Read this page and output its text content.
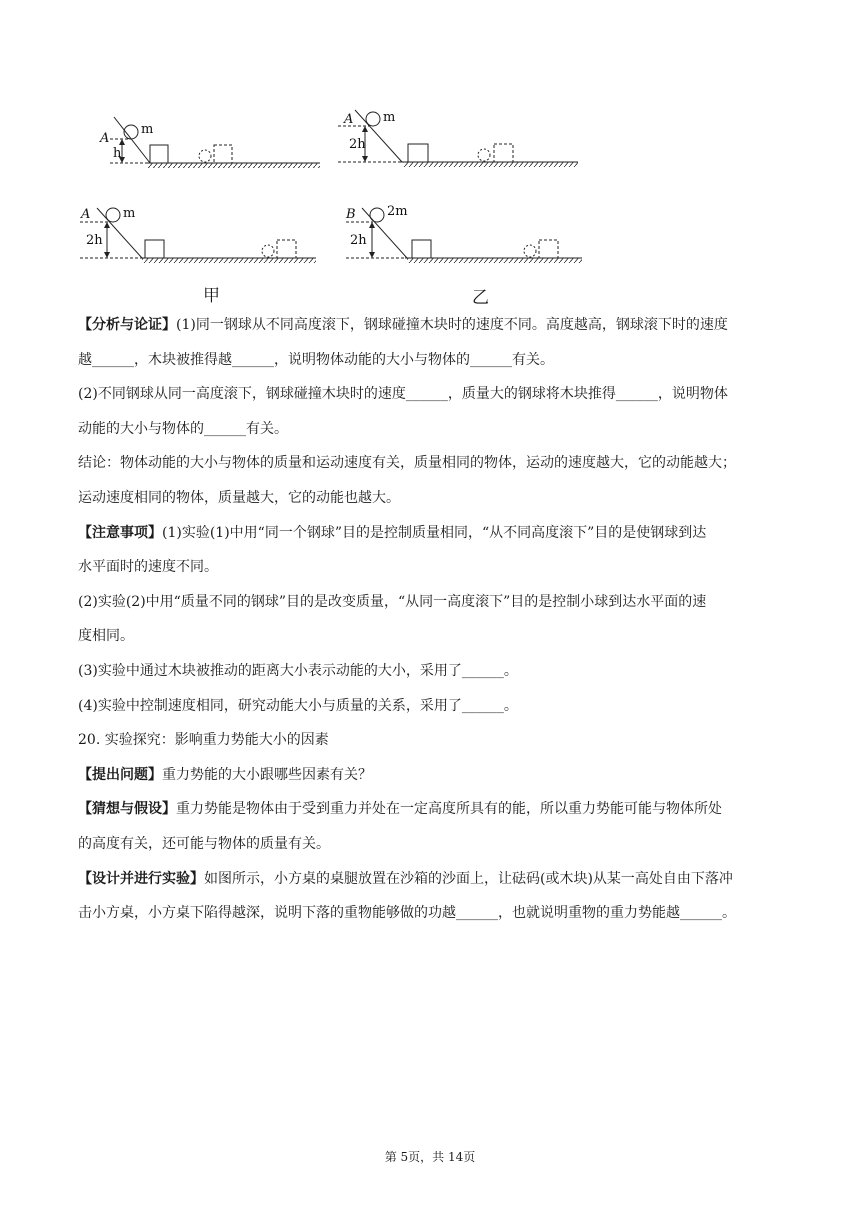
A
m
h
A m
2h
A	m
2h
B 2m
2h
甲	乙

【分析与论证】(1)同一钢球从不同高度滚下，钢球碰撞木块时的速度不同。高度越高，钢球滚下时的速度

越______，木块被推得越______，说明物体动能的大小与物体的______有关。

(2)不同钢球从同一高度滚下，钢球碰撞木块时的速度______，质量大的钢球将木块推得______，说明物体

动能的大小与物体的______有关。

结论：物体动能的大小与物体的质量和运动速度有关，质量相同的物体，运动的速度越大，它的动能越大；

运动速度相同的物体，质量越大，它的动能也越大。

【注意事项】(1)实验(1)中用“同一个钢球”目的是控制质量相同，“从不同高度滚下”目的是使钢球到达

水平面时的速度不同。

(2)实验(2)中用“质量不同的钢球”目的是改变质量，“从同一高度滚下”目的是控制小球到达水平面的速

度相同。

(3)实验中通过木块被推动的距离大小表示动能的大小，采用了______。

(4)实验中控制速度相同，研究动能大小与质量的关系，采用了______。

20. 实验探究：影响重力势能大小的因素

【提出问题】重力势能的大小跟哪些因素有关？

【猜想与假设】重力势能是物体由于受到重力并处在一定高度所具有的能，所以重力势能可能与物体所处

的高度有关，还可能与物体的质量有关。

【设计并进行实验】如图所示，小方桌的桌腿放置在沙箱的沙面上，让砝码(或木块)从某一高处自由下落冲

击小方桌，小方桌下陷得越深，说明下落的重物能够做的功越______，也就说明重物的重力势能越______。

第 5页，共 14页
